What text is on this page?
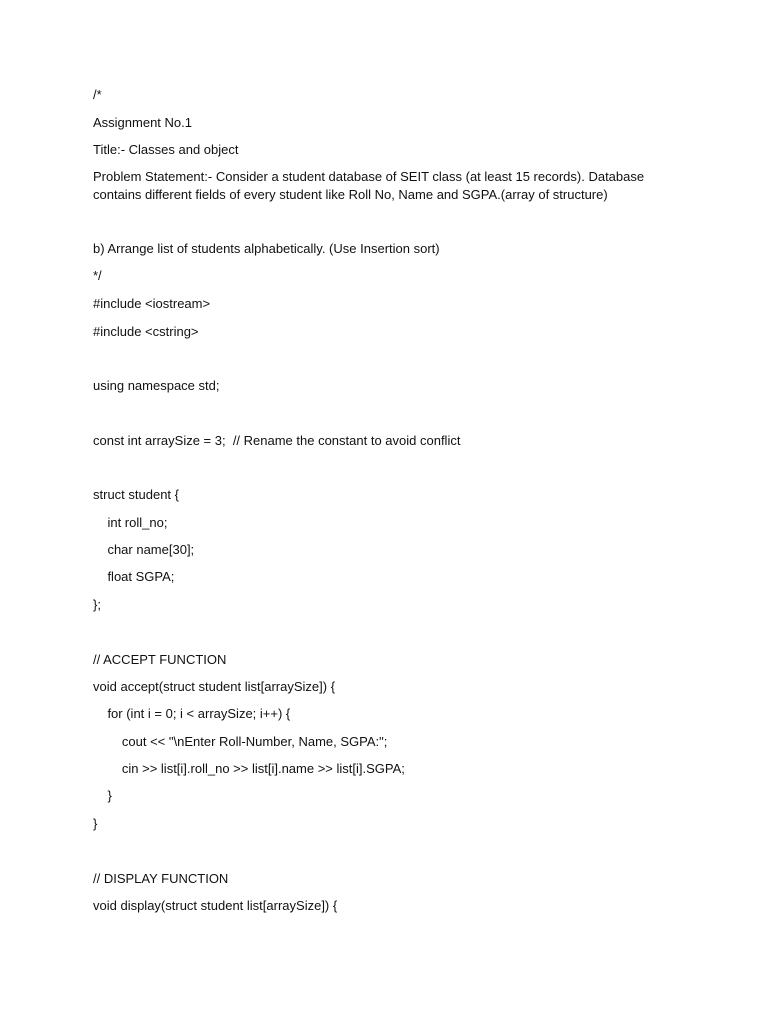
/*
Assignment No.1
Title:- Classes and object
Problem Statement:- Consider a student database of SEIT class (at least 15 records). Database contains different fields of every student like Roll No, Name and SGPA.(array of structure)
b) Arrange list of students alphabetically. (Use Insertion sort)
*/
#include <iostream>
#include <cstring>
using namespace std;
const int arraySize = 3;  // Rename the constant to avoid conflict
struct student {
int roll_no;
char name[30];
float SGPA;
};
// ACCEPT FUNCTION
void accept(struct student list[arraySize]) {
for (int i = 0; i < arraySize; i++) {
cout << "\nEnter Roll-Number, Name, SGPA:";
cin >> list[i].roll_no >> list[i].name >> list[i].SGPA;
}
}
// DISPLAY FUNCTION
void display(struct student list[arraySize]) {
